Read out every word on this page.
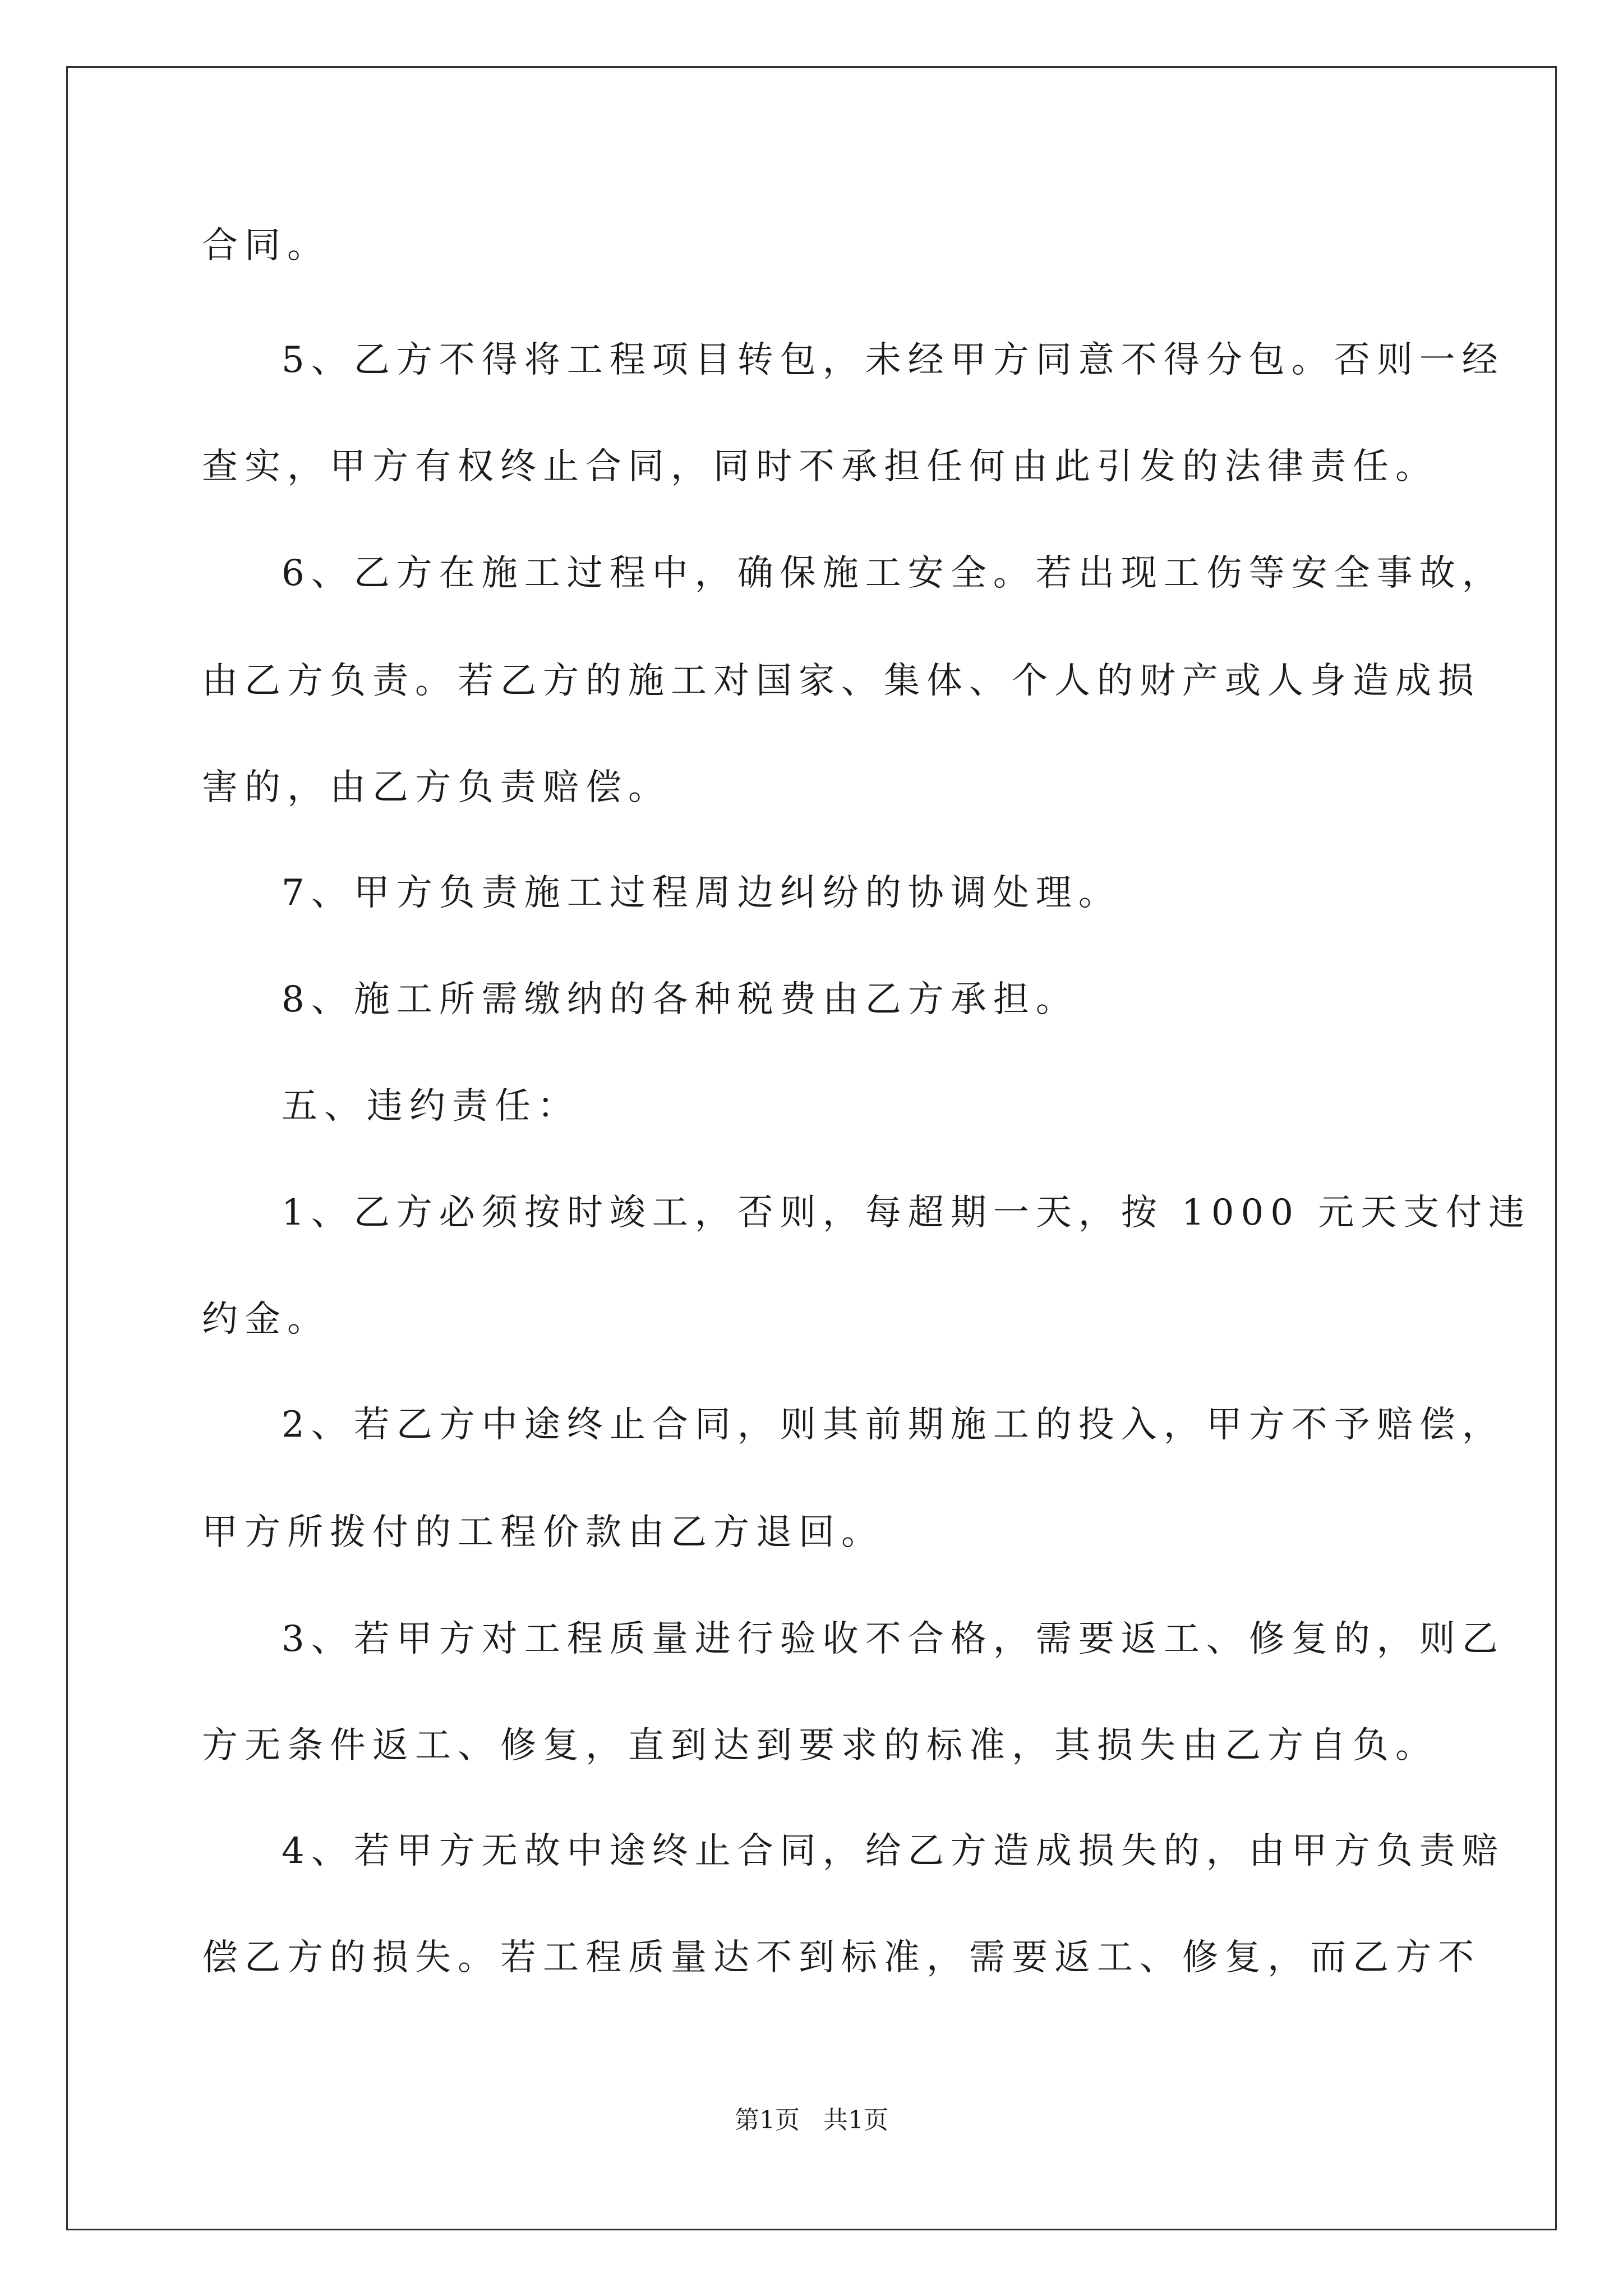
合同。
5、乙方不得将工程项目转包，未经甲方同意不得分包。否则一经
查实，甲方有权终止合同，同时不承担任何由此引发的法律责任。
6、乙方在施工过程中，确保施工安全。若出现工伤等安全事故，
由乙方负责。若乙方的施工对国家、集体、个人的财产或人身造成损
害的，由乙方负责赔偿。
7、甲方负责施工过程周边纠纷的协调处理。
8、施工所需缴纳的各种税费由乙方承担。
五、违约责任：
1、乙方必须按时竣工，否则，每超期一天，按 1000 元天支付违
约金。
2、若乙方中途终止合同，则其前期施工的投入，甲方不予赔偿，
甲方所拨付的工程价款由乙方退回。
3、若甲方对工程质量进行验收不合格，需要返工、修复的，则乙
方无条件返工、修复，直到达到要求的标准，其损失由乙方自负。
4、若甲方无故中途终止合同，给乙方造成损失的，由甲方负责赔
偿乙方的损失。若工程质量达不到标准，需要返工、修复，而乙方不
第1页   共1页
